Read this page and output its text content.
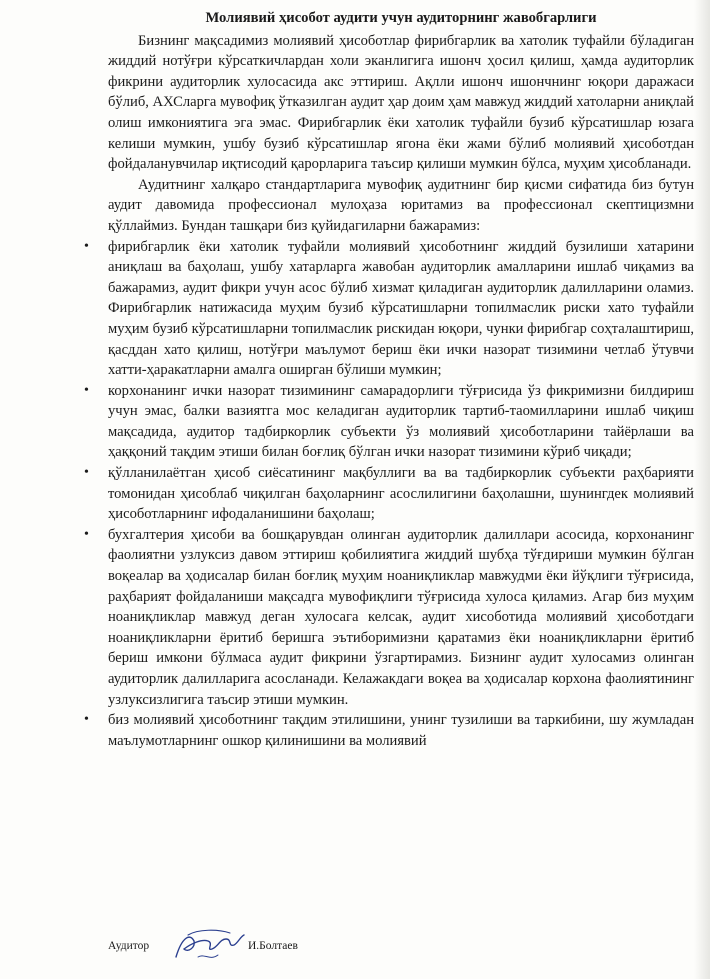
Молиявий ҳисобот аудити учун аудиторнинг жавобгарлиги

Бизнинг мақсадимиз молиявий ҳисоботлар фирибгарлик ва хатолик туфайли бўладиган жиддий нотўғри кўрсаткичлардан холи эканлигига ишонч ҳосил қилиш, ҳамда аудиторлик фикрини аудиторлик хулосасида акс эттириш. Ақлли ишонч ишончнинг юқори даражаси бўлиб, АХСларга мувофиқ ўтказилган аудит ҳар доим ҳам мавжуд жиддий хатоларни аниқлай олиш имкониятига эга эмас. Фирибгарлик ёки хатолик туфайли бузиб кўрсатишлар юзага келиши мумкин, ушбу бузиб кўрсатишлар ягона ёки жами бўлиб молиявий ҳисоботдан фойдаланувчилар иқтисодий қарорларига таъсир қилиши мумкин бўлса, муҳим ҳисобланади.

Аудитнинг халқаро стандартларига мувофиқ аудитнинг бир қисми сифатида биз бутун аудит давомида профессионал мулоҳаза юритамиз ва профессионал скептицизмни қўллаймиз. Бундан ташқари биз қуйидагиларни бажарамиз:

• фирибгарлик ёки хатолик туфайли молиявий ҳисоботнинг жиддий бузилиши хатарини аниқлаш ва баҳолаш, ушбу хатарларга жавобан аудиторлик амалларини ишлаб чиқамиз ва бажарамиз, аудит фикри учун асос бўлиб хизмат қиладиган аудиторлик далилларини оламиз. Фирибгарлик натижасида муҳим бузиб кўрсатишларни топилмаслик риски хато туфайли муҳим бузиб кўрсатишларни топилмаслик рискидан юқори, чунки фирибгар соҳталаштириш, қасддан хато қилиш, нотўғри маълумот бериш ёки ички назорат тизимини четлаб ўтувчи хатти-ҳаракатларни амалга оширган бўлиши мумкин;
• корхонанинг ички назорат тизимининг самарадорлиги тўғрисида ўз фикримизни билдириш учун эмас, балки вазиятга мос келадиган аудиторлик тартиб-таомилларини ишлаб чиқиш мақсадида, аудитор тадбиркорлик субъекти ўз молиявий ҳисоботларини тайёрлаши ва ҳаққоний тақдим этиши билан боғлиқ бўлган ички назорат тизимини кўриб чиқади;
• қўлланилаётган ҳисоб сиёсатининг мақбуллиги ва ва тадбиркорлик субъекти раҳбарияти томонидан ҳисоблаб чиқилган баҳоларнинг асослилигини баҳолашни, шунингдек молиявий ҳисоботларнинг ифодаланишини баҳолаш;
• бухгалтерия ҳисоби ва бошқарувдан олинган аудиторлик далиллари асосида, корхонанинг фаолиятни узлуксиз давом эттириш қобилиятига жиддий шубҳа тўғдириши мумкин бўлган воқеалар ва ҳодисалар билан боғлиқ муҳим ноаниқликлар мавжудми ёки йўқлиги тўғрисида, раҳбарият фойдаланиши мақсадга мувофиқлиги тўғрисида хулоса қиламиз. Агар биз муҳим ноаниқликлар мавжуд деган хулосага келсак, аудит хисоботида молиявий ҳисоботдаги ноаниқликларни ёритиб беришга эътиборимизни қаратамиз ёки ноаниқликларни ёритиб бериш имкони бўлмаса аудит фикрини ўзгартирамиз. Бизнинг аудит хулосамиз олинган аудиторлик далилларига асосланади. Келажакдаги воқеа ва ҳодисалар корхона фаолиятининг узлуксизлигига таъсир этиши мумкин.
• биз молиявий ҳисоботнинг тақдим этилишини, унинг тузилиши ва таркибини, шу жумладан маълумотларнинг ошкор қилинишини ва молиявий
Аудитор	И.Болтаев
